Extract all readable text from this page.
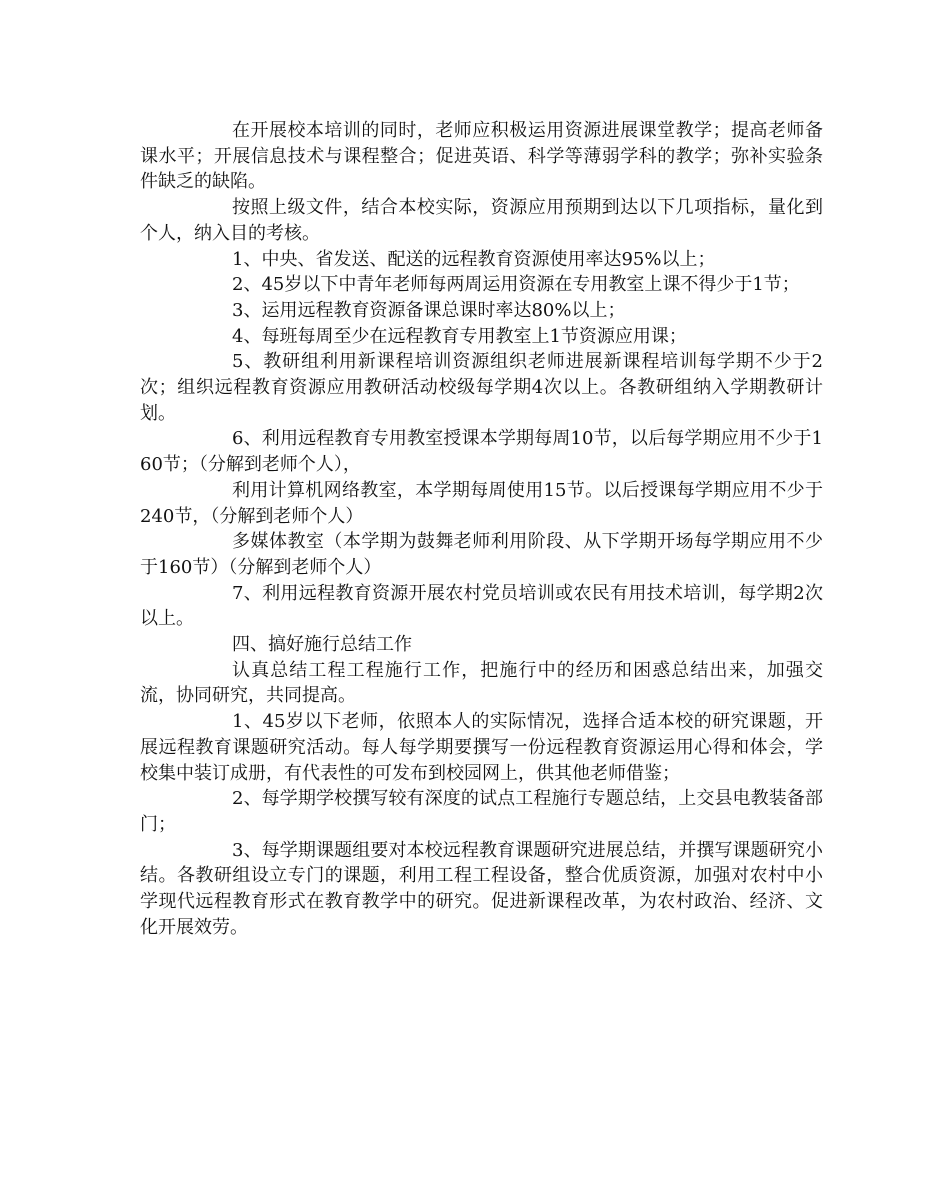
在开展校本培训的同时，老师应积极运用资源进展课堂教学；提高老师备课水平；开展信息技术与课程整合；促进英语、科学等薄弱学科的教学；弥补实验条件缺乏的缺陷。

按照上级文件，结合本校实际，资源应用预期到达以下几项指标，量化到个人，纳入目的考核。

1、中央、省发送、配送的远程教育资源使用率达95%以上；

2、45岁以下中青年老师每两周运用资源在专用教室上课不得少于1节；

3、运用远程教育资源备课总课时率达80%以上；

4、每班每周至少在远程教育专用教室上1节资源应用课；

5、教研组利用新课程培训资源组织老师进展新课程培训每学期不少于2次；组织远程教育资源应用教研活动校级每学期4次以上。各教研组纳入学期教研计划。

6、利用远程教育专用教室授课本学期每周10节，以后每学期应用不少于160节；（分解到老师个人），

利用计算机网络教室，本学期每周使用15节。以后授课每学期应用不少于240节，（分解到老师个人）

多媒体教室（本学期为鼓舞老师利用阶段、从下学期开场每学期应用不少于160节）（分解到老师个人）

7、利用远程教育资源开展农村党员培训或农民有用技术培训，每学期2次以上。

四、搞好施行总结工作

认真总结工程工程施行工作，把施行中的经历和困惑总结出来，加强交流，协同研究，共同提高。

1、45岁以下老师，依照本人的实际情况，选择合适本校的研究课题，开展远程教育课题研究活动。每人每学期要撰写一份远程教育资源运用心得和体会，学校集中装订成册，有代表性的可发布到校园网上，供其他老师借鉴；

2、每学期学校撰写较有深度的试点工程施行专题总结，上交县电教装备部门；

3、每学期课题组要对本校远程教育课题研究进展总结，并撰写课题研究小结。各教研组设立专门的课题，利用工程工程设备，整合优质资源，加强对农村中小学现代远程教育形式在教育教学中的研究。促进新课程改革，为农村政治、经济、文化开展效劳。
